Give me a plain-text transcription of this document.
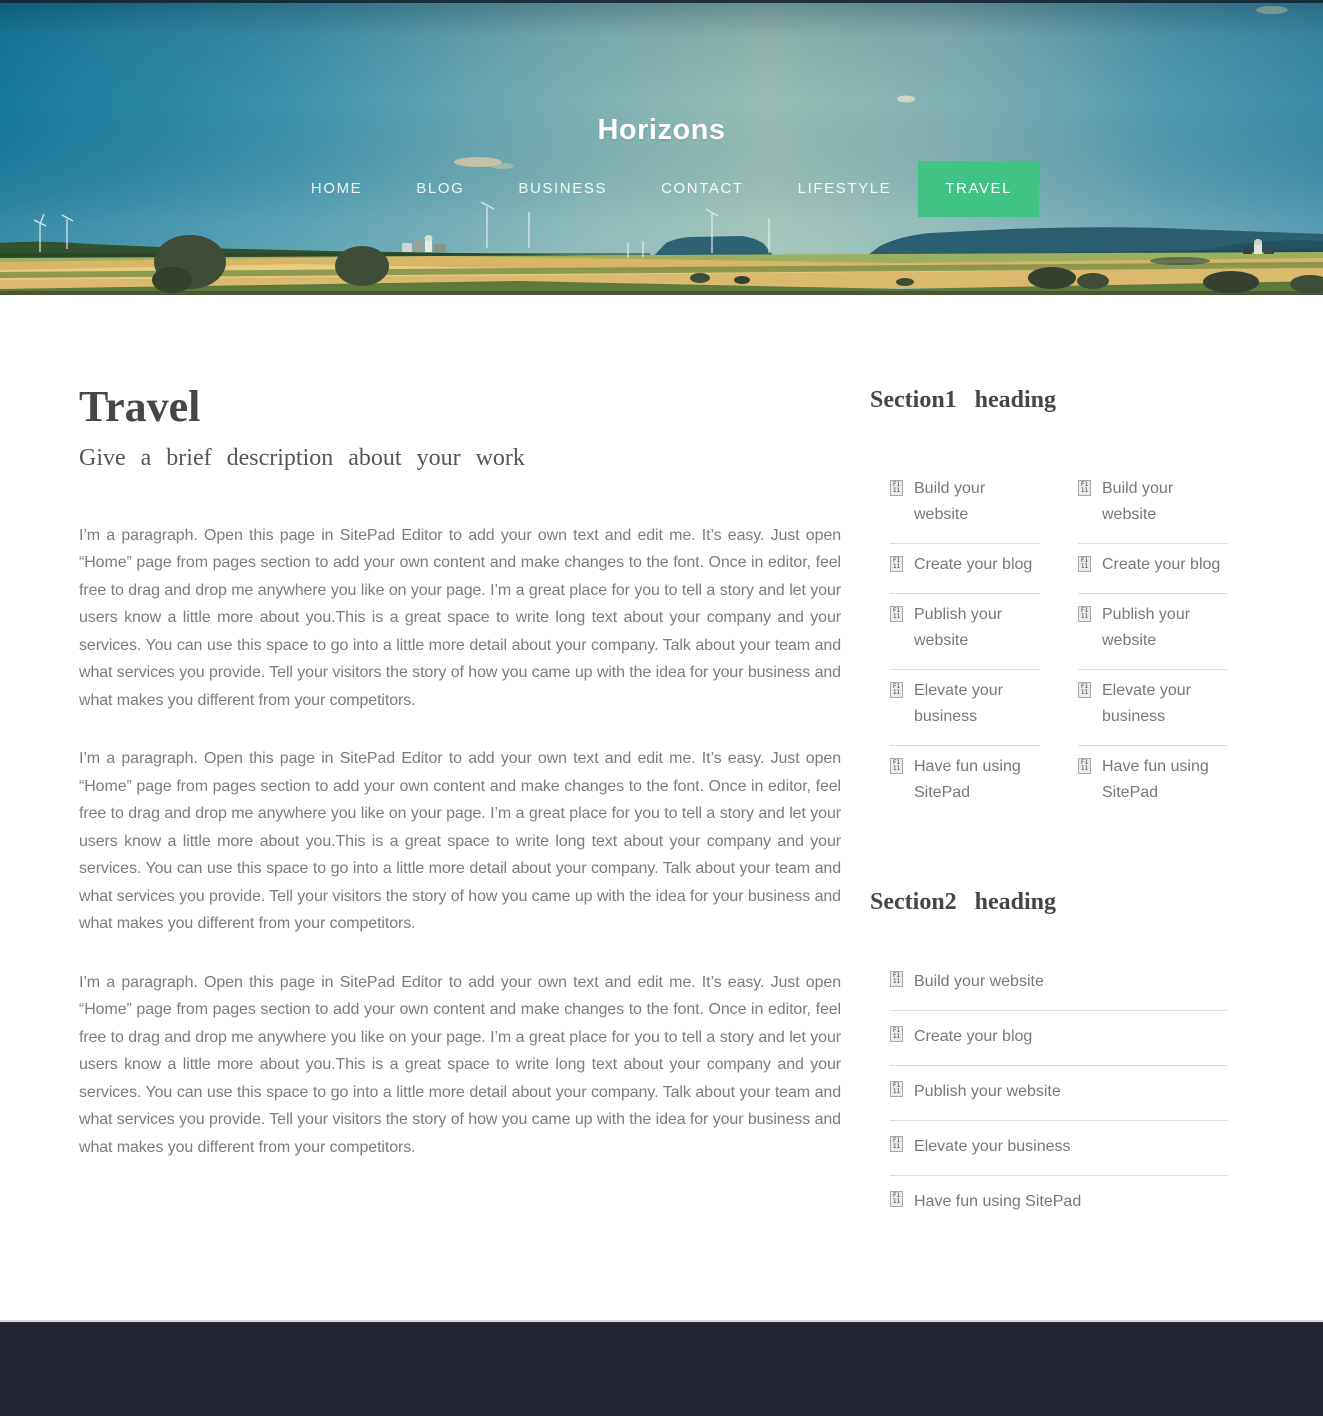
Horizons
HOME	BLOG	BUSINESS	CONTACT	LIFESTYLE	TRAVEL
Travel
Give a brief description about your work

I’m a paragraph. Open this page in SitePad Editor to add your own text and edit me. It’s easy. Just open “Home” page from pages section to add your own content and make changes to the font. Once in editor, feel free to drag and drop me anywhere you like on your page. I’m a great place for you to tell a story and let your users know a little more about you.This is a great space to write long text about your company and your services. You can use this space to go into a little more detail about your company. Talk about your team and what services you provide. Tell your visitors the story of how you came up with the idea for your business and what makes you different from your competitors.

I’m a paragraph. Open this page in SitePad Editor to add your own text and edit me. It’s easy. Just open “Home” page from pages section to add your own content and make changes to the font. Once in editor, feel free to drag and drop me anywhere you like on your page. I’m a great place for you to tell a story and let your users know a little more about you.This is a great space to write long text about your company and your services. You can use this space to go into a little more detail about your company. Talk about your team and what services you provide. Tell your visitors the story of how you came up with the idea for your business and what makes you different from your competitors.

I’m a paragraph. Open this page in SitePad Editor to add your own text and edit me. It’s easy. Just open “Home” page from pages section to add your own content and make changes to the font. Once in editor, feel free to drag and drop me anywhere you like on your page. I’m a great place for you to tell a story and let your users know a little more about you.This is a great space to write long text about your company and your services. You can use this space to go into a little more detail about your company. Talk about your team and what services you provide. Tell your visitors the story of how you came up with the idea for your business and what makes you different from your competitors.

Section1 heading
F1
11 Build your website
F1
11 Create your blog
F1
11 Publish your website
F1
11 Elevate your business
F1
11 Have fun using SitePad
F1
11 Build your website
F1
11 Create your blog
F1
11 Publish your website
F1
11 Elevate your business
F1
11 Have fun using SitePad
Section2 heading
F1
11 Build your website
F1
11 Create your blog
F1
11 Publish your website
F1
11 Elevate your business
F1
11 Have fun using SitePad
